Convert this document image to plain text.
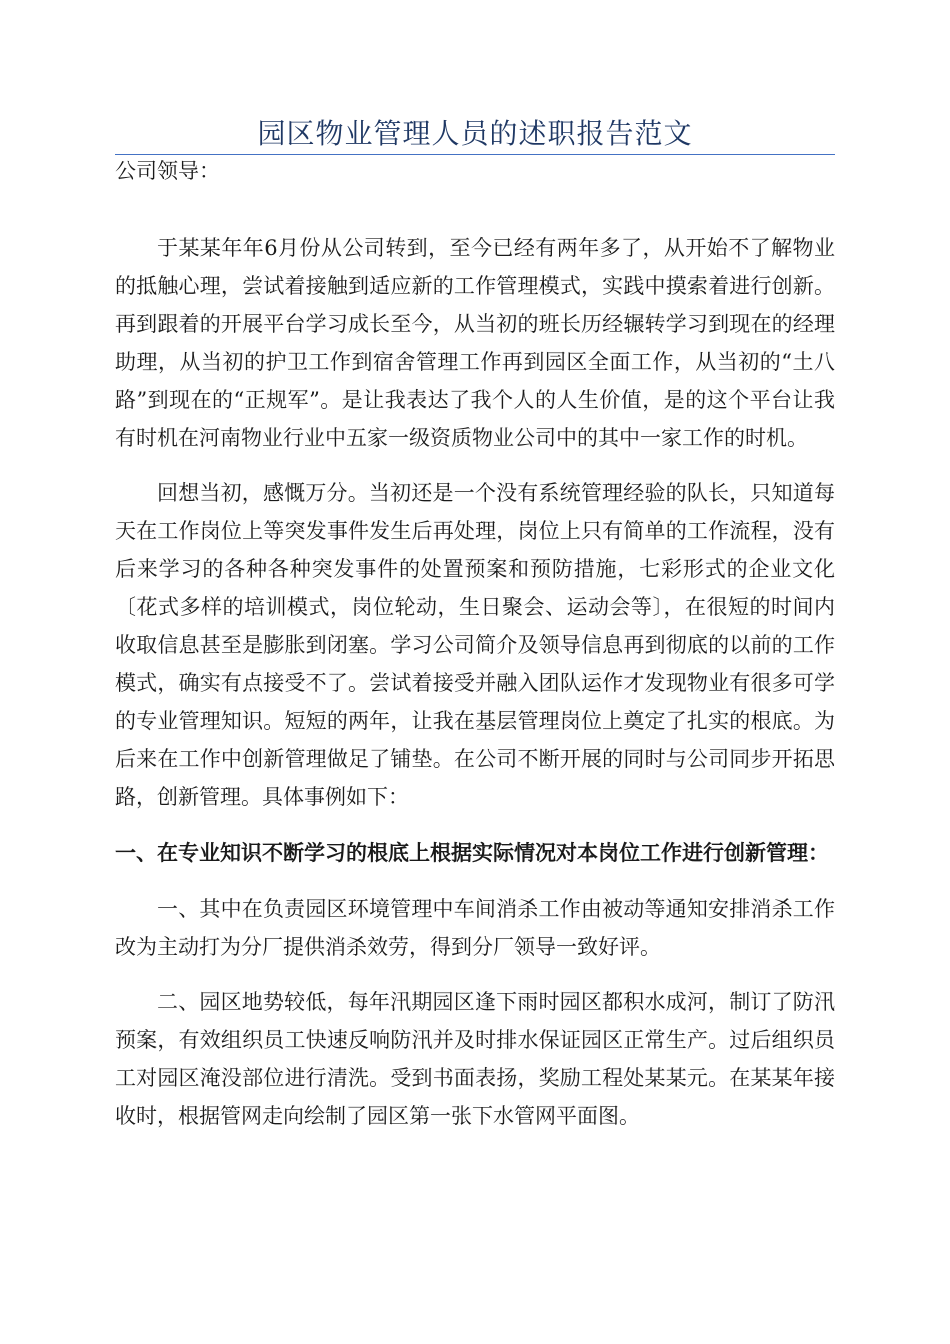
园区物业管理人员的述职报告范文

公司领导：

于某某年年6月份从公司转到，至今已经有两年多了，从开始不了解物业的抵触心理，尝试着接触到适应新的工作管理模式，实践中摸索着进行创新。再到跟着的开展平台学习成长至今，从当初的班长历经辗转学习到现在的经理助理，从当初的护卫工作到宿舍管理工作再到园区全面工作，从当初的“土八路”到现在的“正规军”。是让我表达了我个人的人生价值，是的这个平台让我有时机在河南物业行业中五家一级资质物业公司中的其中一家工作的时机。

回想当初，感慨万分。当初还是一个没有系统管理经验的队长，只知道每天在工作岗位上等突发事件发生后再处理，岗位上只有简单的工作流程，没有后来学习的各种各种突发事件的处置预案和预防措施，七彩形式的企业文化〔花式多样的培训模式，岗位轮动，生日聚会、运动会等〕，在很短的时间内收取信息甚至是膨胀到闭塞。学习公司简介及领导信息再到彻底的以前的工作模式，确实有点接受不了。尝试着接受并融入团队运作才发现物业有很多可学的专业管理知识。短短的两年，让我在基层管理岗位上奠定了扎实的根底。为后来在工作中创新管理做足了铺垫。在公司不断开展的同时与公司同步开拓思路，创新管理。具体事例如下：

一、在专业知识不断学习的根底上根据实际情况对本岗位工作进行创新管理：

一、其中在负责园区环境管理中车间消杀工作由被动等通知安排消杀工作改为主动打为分厂提供消杀效劳，得到分厂领导一致好评。

二、园区地势较低，每年汛期园区逢下雨时园区都积水成河，制订了防汛预案，有效组织员工快速反响防汛并及时排水保证园区正常生产。过后组织员工对园区淹没部位进行清洗。受到书面表扬，奖励工程处某某元。在某某年接收时，根据管网走向绘制了园区第一张下水管网平面图。
